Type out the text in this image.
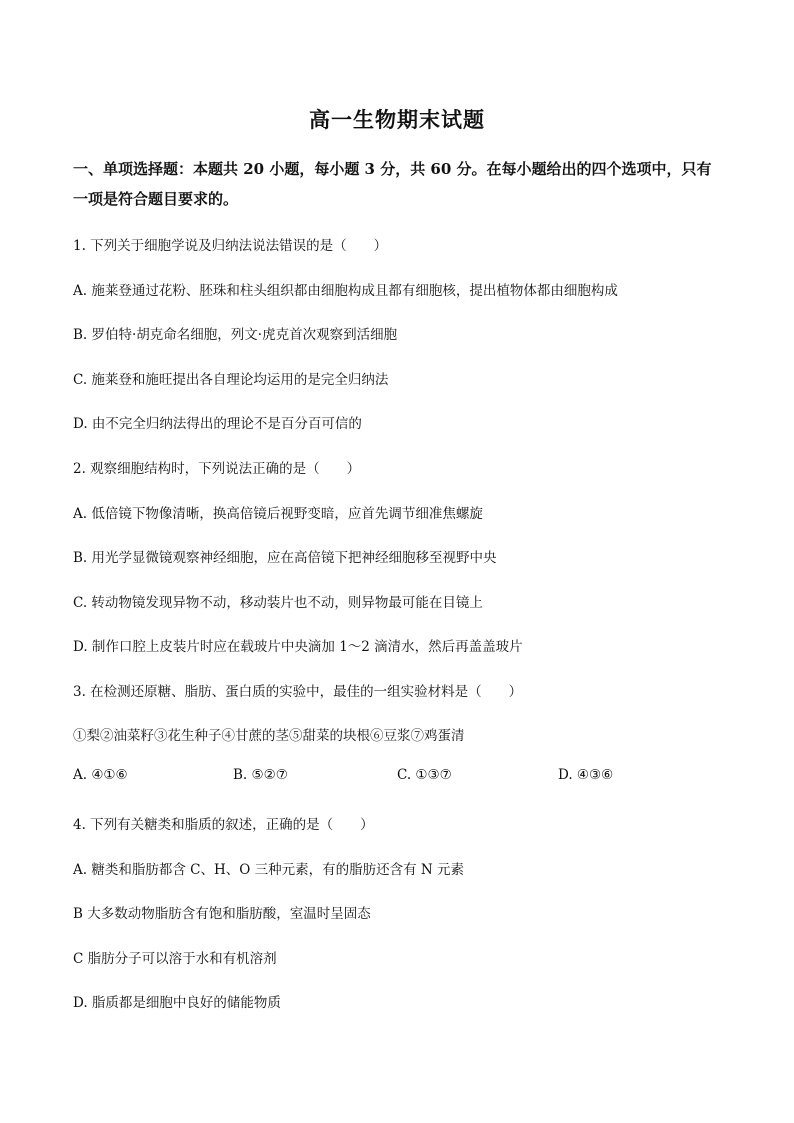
高一生物期末试题
一、单项选择题：本题共 20 小题，每小题 3 分，共 60 分。在每小题给出的四个选项中，只有一项是符合题目要求的。
1. 下列关于细胞学说及归纳法说法错误的是（　　）
A. 施莱登通过花粉、胚珠和柱头组织都由细胞构成且都有细胞核，提出植物体都由细胞构成
B. 罗伯特·胡克命名细胞，列文·虎克首次观察到活细胞
C. 施莱登和施旺提出各自理论均运用的是完全归纳法
D. 由不完全归纳法得出的理论不是百分百可信的
2. 观察细胞结构时，下列说法正确的是（　　）
A. 低倍镜下物像清晰，换高倍镜后视野变暗，应首先调节细准焦螺旋
B. 用光学显微镜观察神经细胞，应在高倍镜下把神经细胞移至视野中央
C. 转动物镜发现异物不动，移动装片也不动，则异物最可能在目镜上
D. 制作口腔上皮装片时应在载玻片中央滴加 1～2 滴清水，然后再盖盖玻片
3. 在检测还原糖、脂肪、蛋白质的实验中，最佳的一组实验材料是（　　）
①梨②油菜籽③花生种子④甘蔗的茎⑤甜菜的块根⑥豆浆⑦鸡蛋清
A. ④①⑥	B. ⑤②⑦	C. ①③⑦	D. ④③⑥
4. 下列有关糖类和脂质的叙述，正确的是（　　）
A. 糖类和脂肪都含 C、H、O 三种元素，有的脂肪还含有 N 元素
B 大多数动物脂肪含有饱和脂肪酸，室温时呈固态
C 脂肪分子可以溶于水和有机溶剂
D. 脂质都是细胞中良好的储能物质
